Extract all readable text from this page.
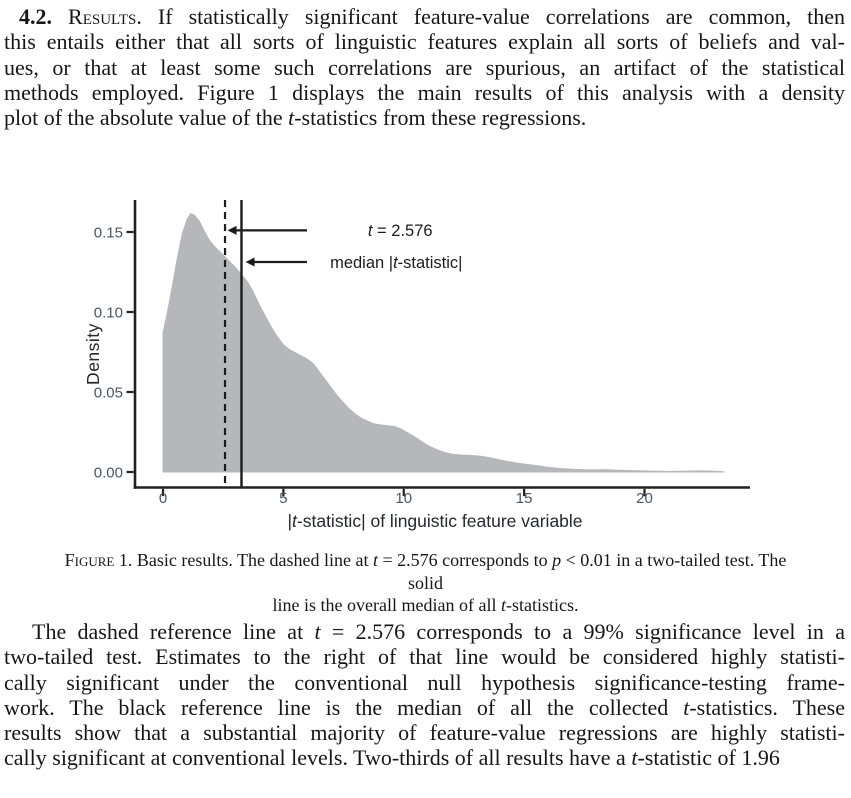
4.2. Results. If statistically significant feature-value correlations are common, then
this entails either that all sorts of linguistic features explain all sorts of beliefs and val-
ues, or that at least some such correlations are spurious, an artifact of the statistical
methods employed. Figure 1 displays the main results of this analysis with a density
plot of the absolute value of the t-statistics from these regressions.
0.00
0.05
0.10
0.15
0	5	10	15	20
Density
|t-statistic| of linguistic feature variable
t = 2.576
median |t-statistic|
Figure 1. Basic results. The dashed line at t = 2.576 corresponds to p < 0.01 in a two-tailed test. The solid
line is the overall median of all t-statistics.
The dashed reference line at t = 2.576 corresponds to a 99% significance level in a
two-tailed test. Estimates to the right of that line would be considered highly statisti-
cally significant under the conventional null hypothesis significance-testing frame-
work. The black reference line is the median of all the collected t-statistics. These
results show that a substantial majority of feature-value regressions are highly statisti-
cally significant at conventional levels. Two-thirds of all results have a t-statistic of 1.96
